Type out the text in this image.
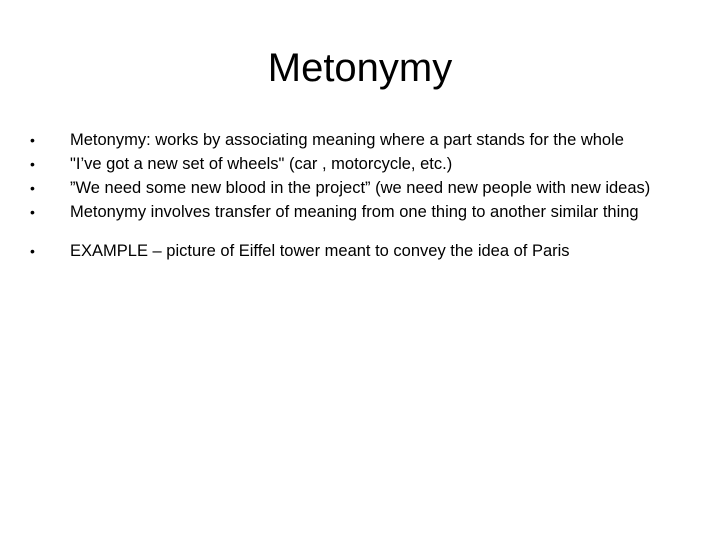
Metonymy
•	Metonymy: works by associating meaning where a part stands for the whole
•	"I’ve got a new set of wheels" (car , motorcycle, etc.)
•	”We need some new blood in the project” (we need new people with new ideas)
•	Metonymy involves transfer of meaning from one thing to another similar thing
•	EXAMPLE – picture of Eiffel tower meant to convey the idea of Paris
